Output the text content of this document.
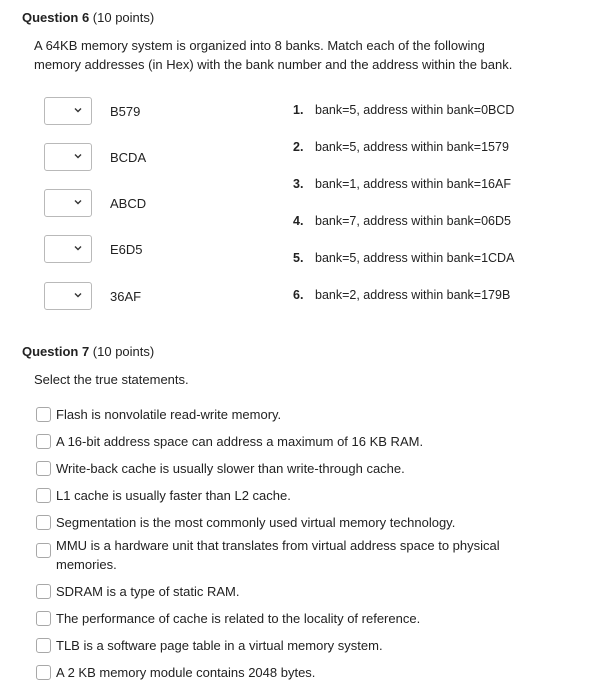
Question 6 (10 points)
A 64KB memory system is organized into 8 banks. Match each of the following
memory addresses (in Hex) with the bank number and the address within the bank.
B579
BCDA
ABCD
E6D5
36AF
1. bank=5, address within bank=0BCD
2. bank=5, address within bank=1579
3. bank=1, address within bank=16AF
4. bank=7, address within bank=06D5
5. bank=5, address within bank=1CDA
6. bank=2, address within bank=179B
Question 7 (10 points)
Select the true statements.
Flash is nonvolatile read-write memory.
A 16-bit address space can address a maximum of 16 KB RAM.
Write-back cache is usually slower than write-through cache.
L1 cache is usually faster than L2 cache.
Segmentation is the most commonly used virtual memory technology.
MMU is a hardware unit that translates from virtual address space to physical
memories.
SDRAM is a type of static RAM.
The performance of cache is related to the locality of reference.
TLB is a software page table in a virtual memory system.
A 2 KB memory module contains 2048 bytes.
